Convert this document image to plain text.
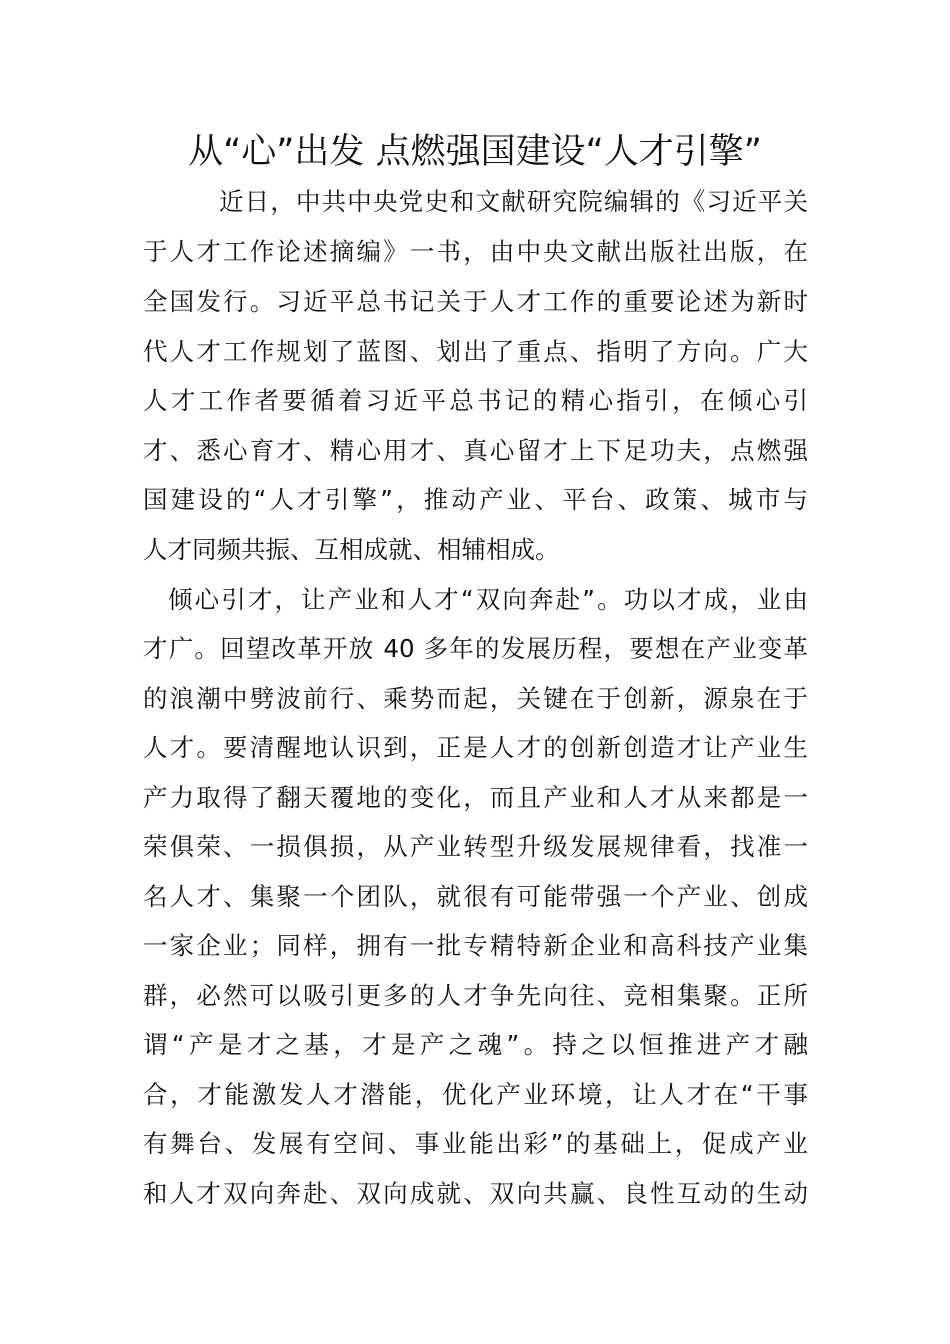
从“心”出发 点燃强国建设“人才引擎”

近日，中共中央党史和文献研究院编辑的《习近平关

于人才工作论述摘编》一书，由中央文献出版社出版，在

全国发行。习近平总书记关于人才工作的重要论述为新时

代人才工作规划了蓝图、划出了重点、指明了方向。广大

人才工作者要循着习近平总书记的精心指引，在倾心引

才、悉心育才、精心用才、真心留才上下足功夫，点燃强

国建设的“人才引擎”，推动产业、平台、政策、城市与

人才同频共振、互相成就、相辅相成。

倾心引才，让产业和人才“双向奔赴”。功以才成，业由

才广。回望改革开放 40 多年的发展历程，要想在产业变革

的浪潮中劈波前行、乘势而起，关键在于创新，源泉在于

人才。要清醒地认识到，正是人才的创新创造才让产业生

产力取得了翻天覆地的变化，而且产业和人才从来都是一

荣俱荣、一损俱损，从产业转型升级发展规律看，找准一

名人才、集聚一个团队，就很有可能带强一个产业、创成

一家企业；同样，拥有一批专精特新企业和高科技产业集

群，必然可以吸引更多的人才争先向往、竞相集聚。正所

谓“产是才之基，才是产之魂”。持之以恒推进产才融

合，才能激发人才潜能，优化产业环境，让人才在“干事

有舞台、发展有空间、事业能出彩”的基础上，促成产业

和人才双向奔赴、双向成就、双向共赢、良性互动的生动
